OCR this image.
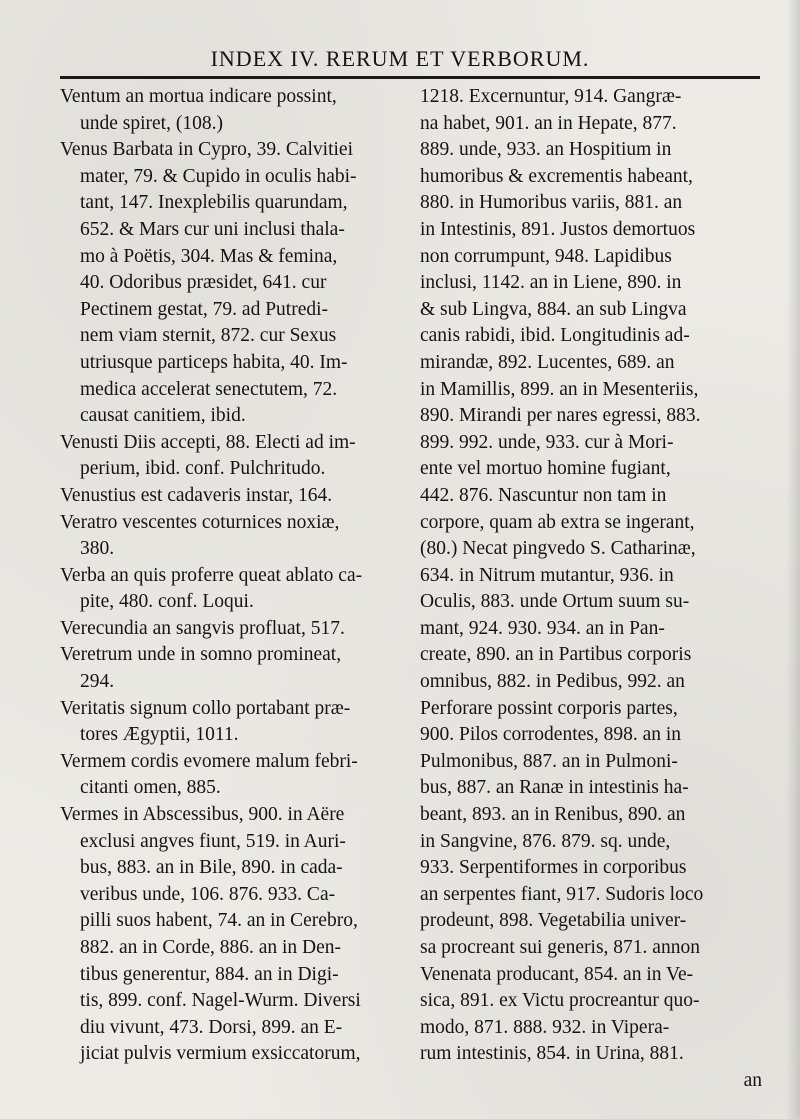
INDEX IV. RERUM ET VERBORUM.
Ventum an mortua indicare possint,
unde spiret, (108.)
Venus Barbata in Cypro, 39. Calvitiei
mater, 79. & Cupido in oculis habi-
tant, 147. Inexplebilis quarundam,
652. & Mars cur uni inclusi thala-
mo à Poëtis, 304. Mas & femina,
40. Odoribus præsidet, 641. cur
Pectinem gestat, 79. ad Putredi-
nem viam sternit, 872. cur Sexus
utriusque particeps habita, 40. Im-
medica accelerat senectutem, 72.
causat canitiem, ibid.
Venusti Diis accepti, 88. Electi ad im-
perium, ibid. conf. Pulchritudo.
Venustius est cadaveris instar, 164.
Veratro vescentes coturnices noxiæ,
380.
Verba an quis proferre queat ablato ca-
pite, 480. conf. Loqui.
Verecundia an sangvis profluat, 517.
Veretrum unde in somno promineat,
294.
Veritatis signum collo portabant præ-
tores Ægyptii, 1011.
Vermem cordis evomere malum febri-
citanti omen, 885.
Vermes in Abscessibus, 900. in Aëre
exclusi angves fiunt, 519. in Auri-
bus, 883. an in Bile, 890. in cada-
veribus unde, 106. 876. 933. Ca-
pilli suos habent, 74. an in Cerebro,
882. an in Corde, 886. an in Den-
tibus generentur, 884. an in Digi-
tis, 899. conf. Nagel-Wurm. Diversi
diu vivunt, 473. Dorsi, 899. an E-
jiciat pulvis vermium exsiccatorum,
1218. Excernuntur, 914. Gangræ-
na habet, 901. an in Hepate, 877.
889. unde, 933. an Hospitium in
humoribus & excrementis habeant,
880. in Humoribus variis, 881. an
in Intestinis, 891. Justos demortuos
non corrumpunt, 948. Lapidibus
inclusi, 1142. an in Liene, 890. in
& sub Lingva, 884. an sub Lingva
canis rabidi, ibid. Longitudinis ad-
mirandæ, 892. Lucentes, 689. an
in Mamillis, 899. an in Mesenteriis,
890. Mirandi per nares egressi, 883.
899. 992. unde, 933. cur à Mori-
ente vel mortuo homine fugiant,
442. 876. Nascuntur non tam in
corpore, quam ab extra se ingerant,
(80.) Necat pingvedo S. Catharinæ,
634. in Nitrum mutantur, 936. in
Oculis, 883. unde Ortum suum su-
mant, 924. 930. 934. an in Pan-
create, 890. an in Partibus corporis
omnibus, 882. in Pedibus, 992. an
Perforare possint corporis partes,
900. Pilos corrodentes, 898. an in
Pulmonibus, 887. an in Pulmoni-
bus, 887. an Ranæ in intestinis ha-
beant, 893. an in Renibus, 890. an
in Sangvine, 876. 879. sq. unde,
933. Serpentiformes in corporibus
an serpentes fiant, 917. Sudoris loco
prodeunt, 898. Vegetabilia univer-
sa procreant sui generis, 871. annon
Venenata producant, 854. an in Ve-
sica, 891. ex Victu procreantur quo-
modo, 871. 888. 932. in Vipera-
rum intestinis, 854. in Urina, 881.
an
